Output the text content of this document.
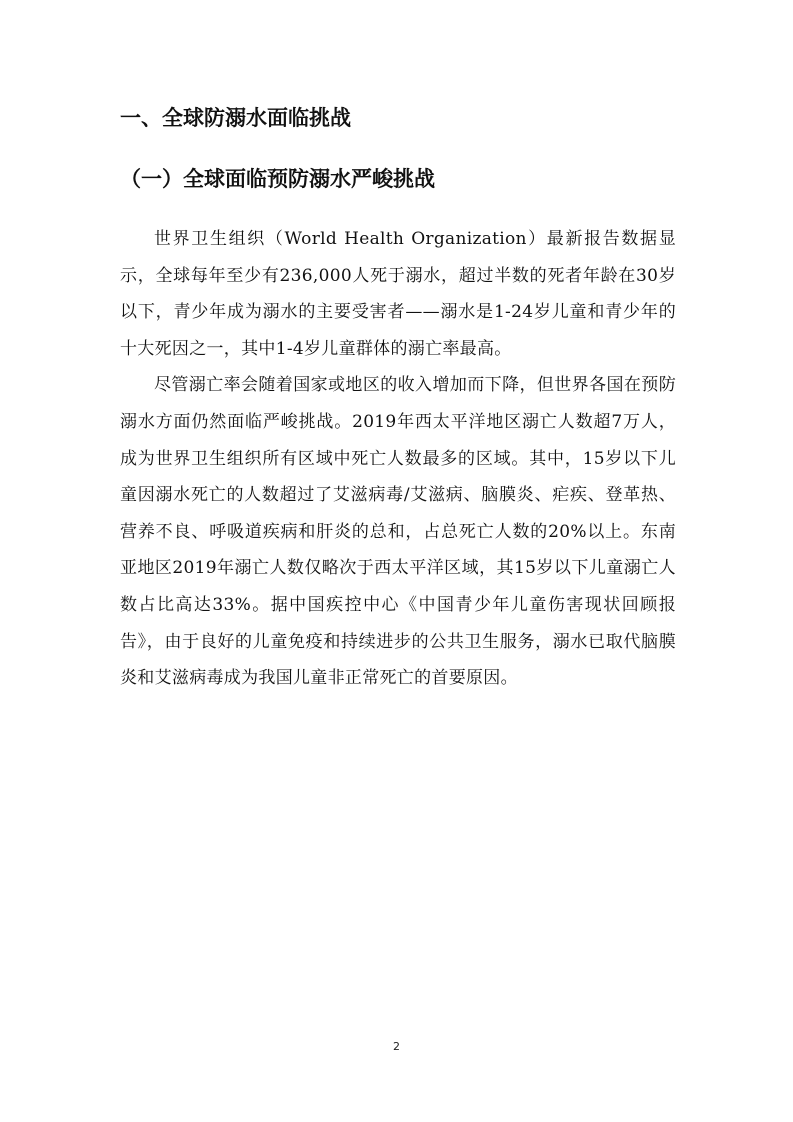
一、全球防溺水面临挑战
（一）全球面临预防溺水严峻挑战

世界卫生组织（World Health Organization）最新报告数据显示，全球每年至少有236,000人死于溺水，超过半数的死者年龄在30岁以下，青少年成为溺水的主要受害者——溺水是1-24岁儿童和青少年的十大死因之一，其中1-4岁儿童群体的溺亡率最高。

尽管溺亡率会随着国家或地区的收入增加而下降，但世界各国在预防溺水方面仍然面临严峻挑战。2019年西太平洋地区溺亡人数超7万人，成为世界卫生组织所有区域中死亡人数最多的区域。其中，15岁以下儿童因溺水死亡的人数超过了艾滋病毒/艾滋病、脑膜炎、疟疾、登革热、营养不良、呼吸道疾病和肝炎的总和，占总死亡人数的20%以上。东南亚地区2019年溺亡人数仅略次于西太平洋区域，其15岁以下儿童溺亡人数占比高达33%。据中国疾控中心《中国青少年儿童伤害现状回顾报告》，由于良好的儿童免疫和持续进步的公共卫生服务，溺水已取代脑膜炎和艾滋病毒成为我国儿童非正常死亡的首要原因。

2
